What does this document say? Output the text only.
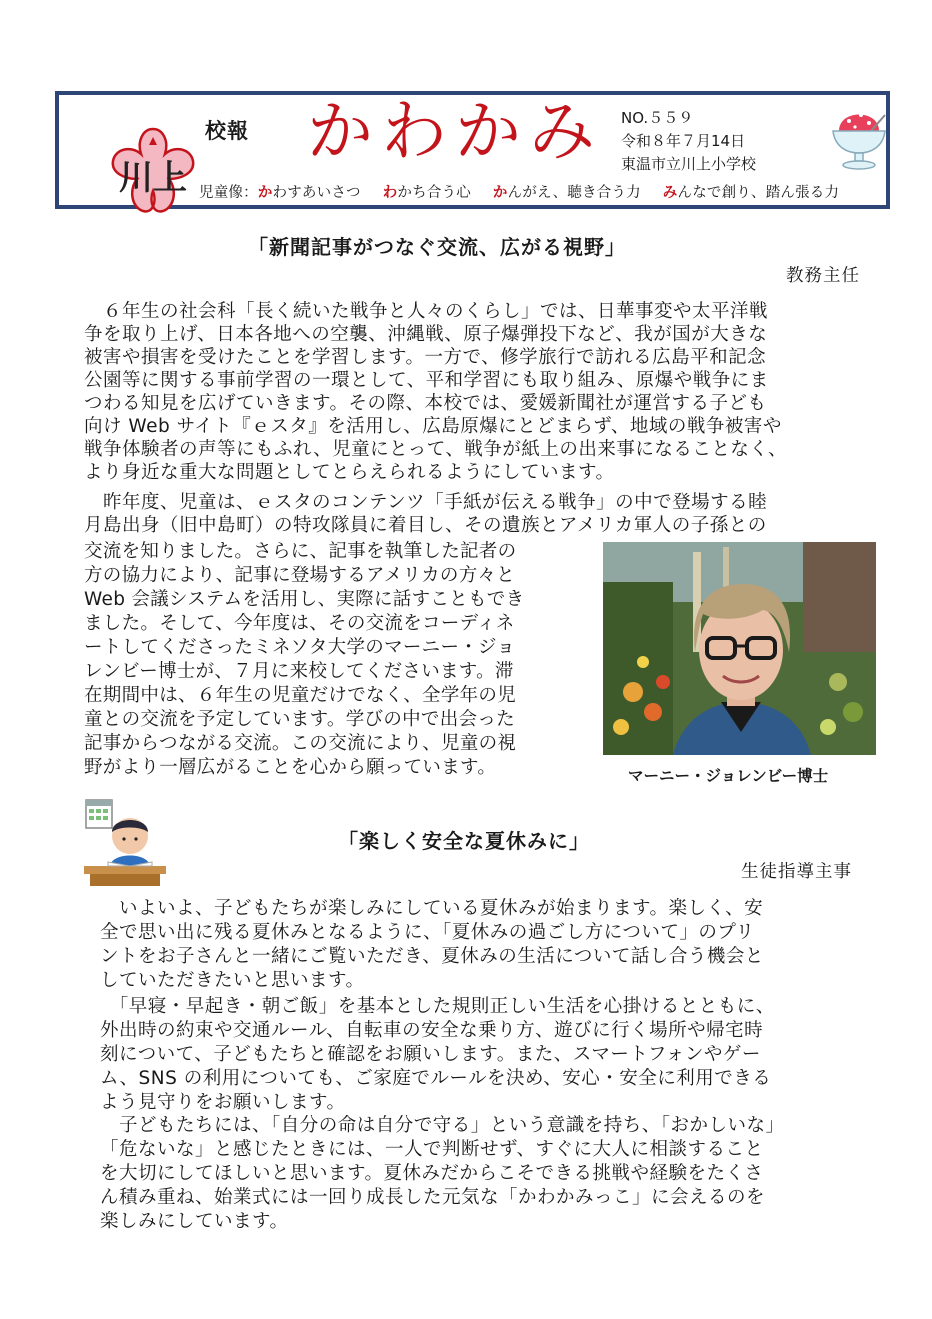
川上
校報 かわかみ NO.５５９
令和８年７月14日
東温市立川上小学校
児童像：かわすあいさつ わかち合う心 かんがえ、聴き合う力 みんなで創り、踏ん張る力
「新聞記事がつなぐ交流、広がる視野」
教務主任
　６年生の社会科「長く続いた戦争と人々のくらし」では、日華事変や太平洋戦
争を取り上げ、日本各地への空襲、沖縄戦、原子爆弾投下など、我が国が大きな
被害や損害を受けたことを学習します。一方で、修学旅行で訪れる広島平和記念
公園等に関する事前学習の一環として、平和学習にも取り組み、原爆や戦争にま
つわる知見を広げていきます。その際、本校では、愛媛新聞社が運営する子ども
向け Web サイト『ｅスタ』を活用し、広島原爆にとどまらず、地域の戦争被害や
戦争体験者の声等にもふれ、児童にとって、戦争が紙上の出来事になることなく、
より身近な重大な問題としてとらえられるようにしています。
　昨年度、児童は、ｅスタのコンテンツ「手紙が伝える戦争」の中で登場する睦
月島出身（旧中島町）の特攻隊員に着目し、その遺族とアメリカ軍人の子孫との
交流を知りました。さらに、記事を執筆した記者の
方の協力により、記事に登場するアメリカの方々と
Web 会議システムを活用し、実際に話すこともでき
ました。そして、今年度は、その交流をコーディネ
ートしてくださったミネソタ大学のマーニー・ジョ
レンビー博士が、７月に来校してくださいます。滞
在期間中は、６年生の児童だけでなく、全学年の児
童との交流を予定しています。学びの中で出会った
記事からつながる交流。この交流により、児童の視
野がより一層広がることを心から願っています。	マーニー・ジョレンビー博士
「楽しく安全な夏休みに」
生徒指導主事
　いよいよ、子どもたちが楽しみにしている夏休みが始まります。楽しく、安
全で思い出に残る夏休みとなるように、「夏休みの過ごし方について」のプリ
ントをお子さんと一緒にご覧いただき、夏休みの生活について話し合う機会と
していただきたいと思います。
　「早寝・早起き・朝ご飯」を基本とした規則正しい生活を心掛けるとともに、
外出時の約束や交通ルール、自転車の安全な乗り方、遊びに行く場所や帰宅時
刻について、子どもたちと確認をお願いします。また、スマートフォンやゲー
ム、SNS の利用についても、ご家庭でルールを決め、安心・安全に利用できる
よう見守りをお願いします。
　子どもたちには、「自分の命は自分で守る」という意識を持ち、「おかしいな」
「危ないな」と感じたときには、一人で判断せず、すぐに大人に相談すること
を大切にしてほしいと思います。夏休みだからこそできる挑戦や経験をたくさ
ん積み重ね、始業式には一回り成長した元気な「かわかみっこ」に会えるのを
楽しみにしています。
